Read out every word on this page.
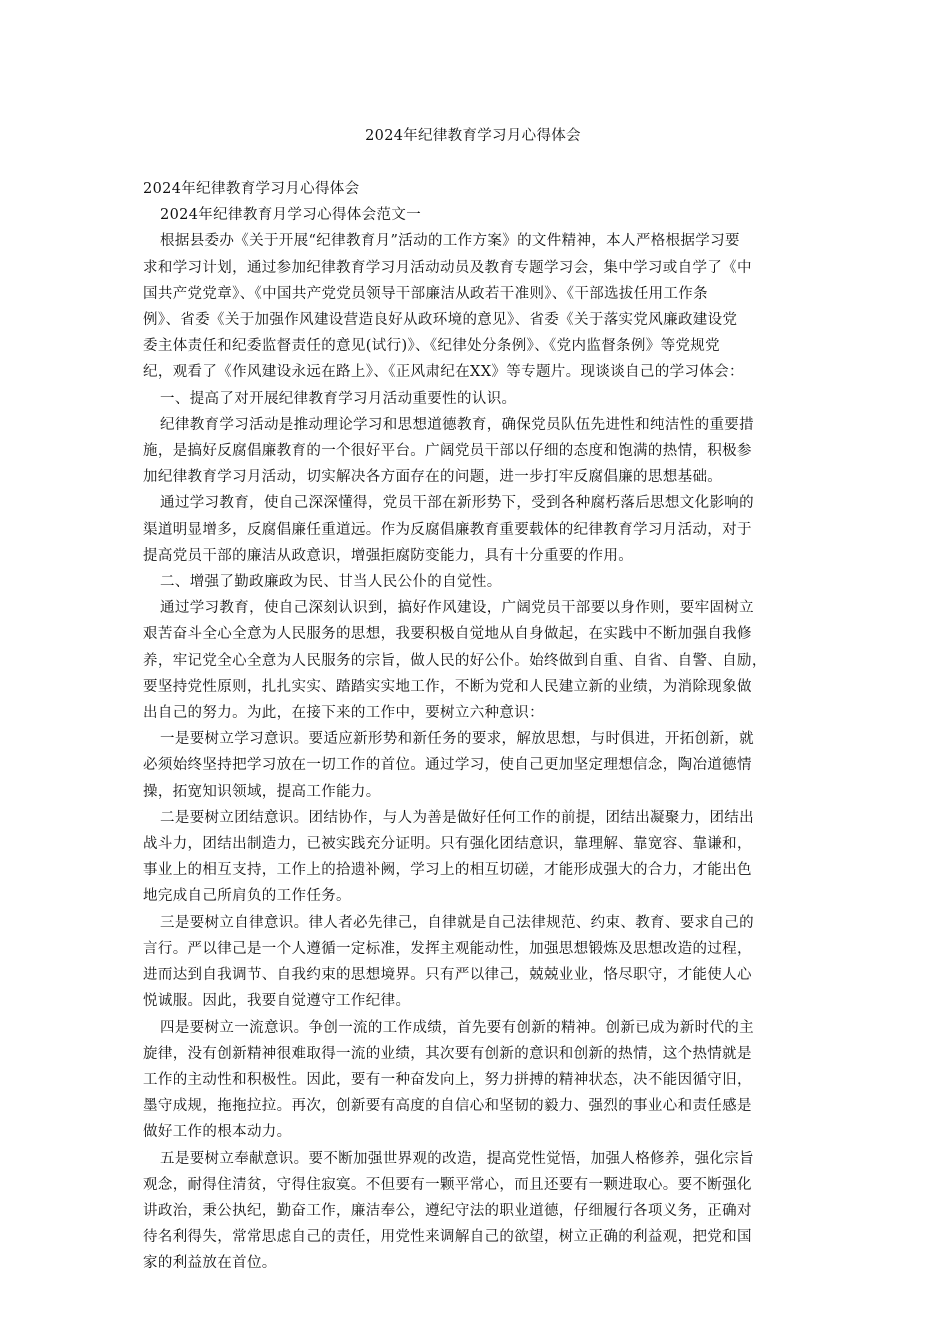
2024年纪律教育学习月心得体会

2024年纪律教育学习月心得体会

2024年纪律教育月学习心得体会范文一

根据县委办《关于开展“纪律教育月”活动的工作方案》的文件精神，本人严格根据学习要

求和学习计划，通过参加纪律教育学习月活动动员及教育专题学习会，集中学习或自学了《中

国共产党党章》、《中国共产党党员领导干部廉洁从政若干准则》、《干部选拔任用工作条

例》、省委《关于加强作风建设营造良好从政环境的意见》、省委《关于落实党风廉政建设党

委主体责任和纪委监督责任的意见(试行)》、《纪律处分条例》、《党内监督条例》等党规党

纪，观看了《作风建设永远在路上》、《正风肃纪在XX》等专题片。现谈谈自己的学习体会：

一、提高了对开展纪律教育学习月活动重要性的认识。

纪律教育学习活动是推动理论学习和思想道德教育，确保党员队伍先进性和纯洁性的重要措

施，是搞好反腐倡廉教育的一个很好平台。广阔党员干部以仔细的态度和饱满的热情，积极参

加纪律教育学习月活动，切实解决各方面存在的问题，进一步打牢反腐倡廉的思想基础。

通过学习教育，使自己深深懂得，党员干部在新形势下，受到各种腐朽落后思想文化影响的

渠道明显增多，反腐倡廉任重道远。作为反腐倡廉教育重要载体的纪律教育学习月活动，对于

提高党员干部的廉洁从政意识，增强拒腐防变能力，具有十分重要的作用。

二、增强了勤政廉政为民、甘当人民公仆的自觉性。

通过学习教育，使自己深刻认识到，搞好作风建设，广阔党员干部要以身作则，要牢固树立

艰苦奋斗全心全意为人民服务的思想，我要积极自觉地从自身做起，在实践中不断加强自我修

养，牢记党全心全意为人民服务的宗旨，做人民的好公仆。始终做到自重、自省、自警、自励，

要坚持党性原则，扎扎实实、踏踏实实地工作，不断为党和人民建立新的业绩，为消除现象做

出自己的努力。为此，在接下来的工作中，要树立六种意识：

一是要树立学习意识。要适应新形势和新任务的要求，解放思想，与时俱进，开拓创新，就

必须始终坚持把学习放在一切工作的首位。通过学习，使自己更加坚定理想信念，陶冶道德情

操，拓宽知识领域，提高工作能力。

二是要树立团结意识。团结协作，与人为善是做好任何工作的前提，团结出凝聚力，团结出

战斗力，团结出制造力，已被实践充分证明。只有强化团结意识，靠理解、靠宽容、靠谦和，

事业上的相互支持，工作上的拾遗补阙，学习上的相互切磋，才能形成强大的合力，才能出色

地完成自己所肩负的工作任务。

三是要树立自律意识。律人者必先律己，自律就是自己法律规范、约束、教育、要求自己的

言行。严以律己是一个人遵循一定标准，发挥主观能动性，加强思想锻炼及思想改造的过程，

进而达到自我调节、自我约束的思想境界。只有严以律己，兢兢业业，恪尽职守，才能使人心

悦诚服。因此，我要自觉遵守工作纪律。

四是要树立一流意识。争创一流的工作成绩，首先要有创新的精神。创新已成为新时代的主

旋律，没有创新精神很难取得一流的业绩，其次要有创新的意识和创新的热情，这个热情就是

工作的主动性和积极性。因此，要有一种奋发向上，努力拼搏的精神状态，决不能因循守旧，

墨守成规，拖拖拉拉。再次，创新要有高度的自信心和坚韧的毅力、强烈的事业心和责任感是

做好工作的根本动力。

五是要树立奉献意识。要不断加强世界观的改造，提高党性觉悟，加强人格修养，强化宗旨

观念，耐得住清贫，守得住寂寞。不但要有一颗平常心，而且还要有一颗进取心。要不断强化

讲政治，秉公执纪，勤奋工作，廉洁奉公，遵纪守法的职业道德，仔细履行各项义务，正确对

待名利得失，常常思虑自己的责任，用党性来调解自己的欲望，树立正确的利益观，把党和国

家的利益放在首位。
